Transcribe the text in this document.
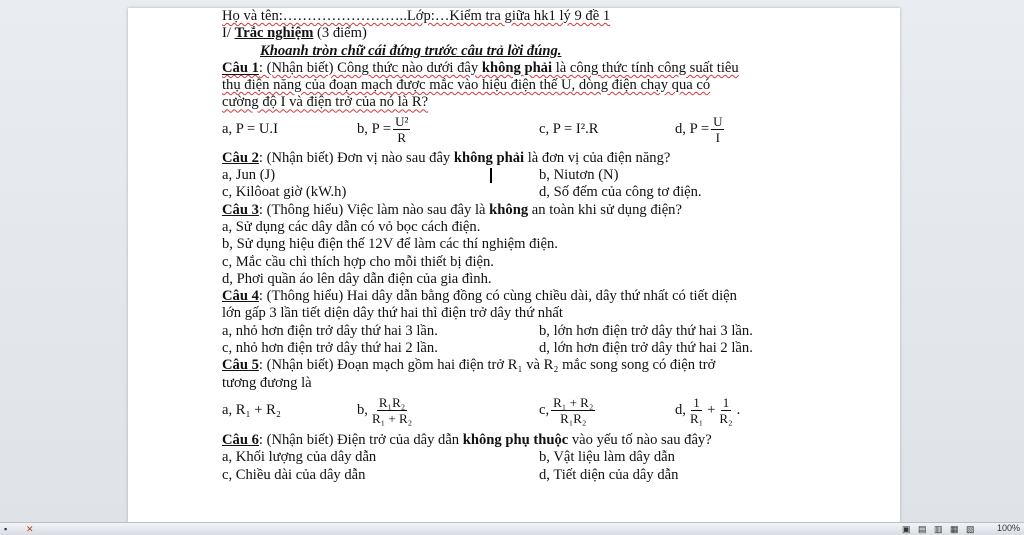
Họ và tên:……………………..Lớp:…Kiểm tra giữa hk1 lý 9 đề 1
I/ Trắc nghiệm (3 điểm)
Khoanh tròn chữ cái đứng trước câu trả lời đúng.
Câu 1: (Nhận biết) Công thức nào dưới đây không phải là công thức tính công suất tiêu
thụ điện năng của đoạn mạch được mắc vào hiệu điện thế U, dòng điện chạy qua có
cường độ I và điện trở của nó là R?
a, P = U.I	b, $P = \frac{\text{U²}}{R}$	c, P = I².R	d, $P = \frac{U}{I}$
Câu 2: (Nhận biết) Đơn vị nào sau đây không phải là đơn vị của điện năng?
a, Jun (J)	b, Niutơn (N)
c, Kilôoat giờ (kW.h)	d, Số đếm của công tơ điện.
Câu 3: (Thông hiểu) Việc làm nào sau đây là không an toàn khi sử dụng điện?
a, Sử dụng các dây dẫn có vỏ bọc cách điện.
b, Sử dụng hiệu điện thế 12V để làm các thí nghiệm điện.
c, Mắc cầu chì thích hợp cho mỗi thiết bị điện.
d, Phơi quần áo lên dây dẫn điện của gia đình.
Câu 4: (Thông hiểu) Hai dây dẫn bằng đồng có cùng chiều dài, dây thứ nhất có tiết diện
lớn gấp 3 lần tiết diện dây thứ hai thì điện trở dây thứ nhất
a, nhỏ hơn điện trở dây thứ hai 3 lần.	b, lớn hơn điện trở dây thứ hai 3 lần.
c, nhỏ hơn điện trở dây thứ hai 2 lần.	d, lớn hơn điện trở dây thứ hai 2 lần.
Câu 5: (Nhận biết) Đoạn mạch gồm hai điện trở R₁ và R₂ mắc song song có điện trở
tương đương là
a, R₁ + R₂	b, $\frac{\text{R₁R₂}}{\text{R₁ + R₂}}$	c, $\frac{\text{R₁ + R₂}}{\text{R₁R₂}}$	d, $\frac{1}{\text{R₁}} + \frac{1}{\text{R₂}}$ .
Câu 6: (Nhận biết) Điện trở của dây dẫn không phụ thuộc vào yếu tố nào sau đây?
a, Khối lượng của dây dẫn	b, Vật liệu làm dây dẫn
c, Chiều dài của dây dẫn	d, Tiết diện của dây dẫn
▪ ✕	▣ ▤ ▥ ▦ ▧ 100%
